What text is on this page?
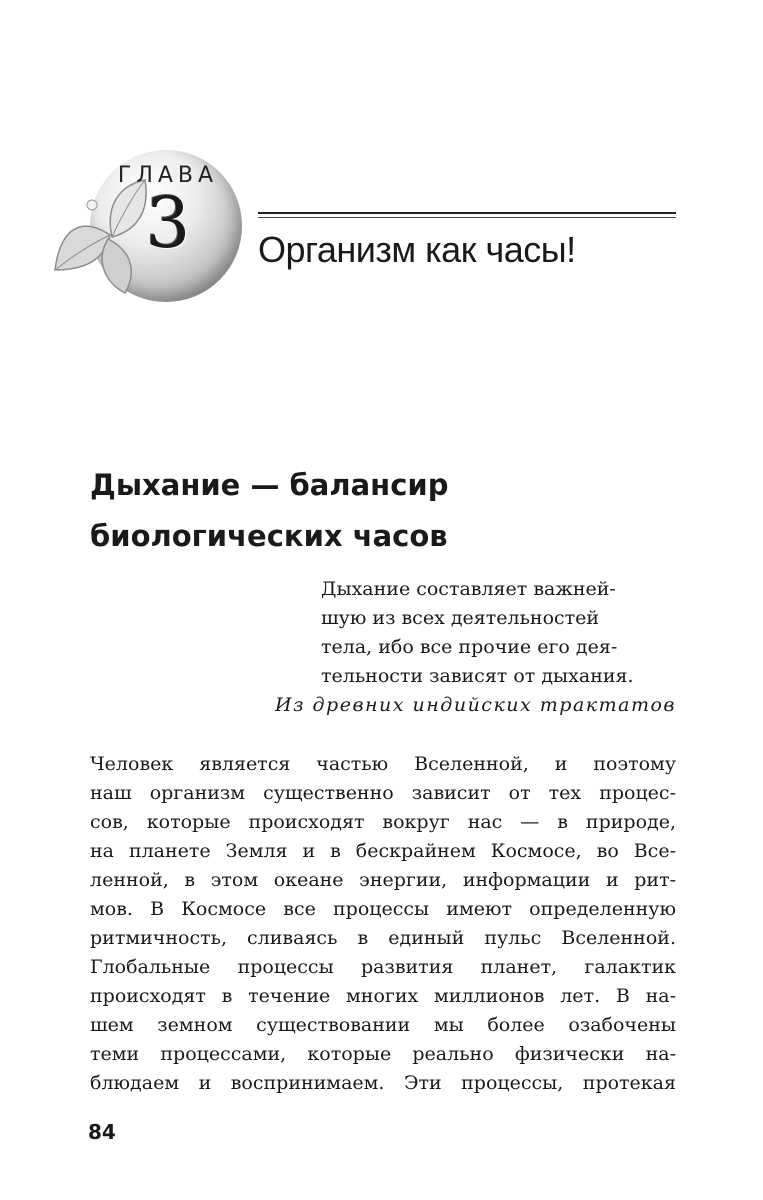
ГЛАВА
3	Организм как часы!
Дыхание — балансир
биологических часов
Дыхание составляет важней-
шую из всех деятельностей
тела, ибо все прочие его дея-
тельности зависят от дыхания.
Из древних индийских трактатов
Человек является частью Вселенной, и поэтому
наш организм существенно зависит от тех процес-
сов, которые происходят вокруг нас — в природе,
на планете Земля и в бескрайнем Космосе, во Все-
ленной, в этом океане энергии, информации и рит-
мов. В Космосе все процессы имеют определенную
ритмичность, сливаясь в единый пульс Вселенной.
Глобальные процессы развития планет, галактик
происходят в течение многих миллионов лет. В на-
шем земном существовании мы более озабочены
теми процессами, которые реально физически на-
блюдаем и воспринимаем. Эти процессы, протекая
84
